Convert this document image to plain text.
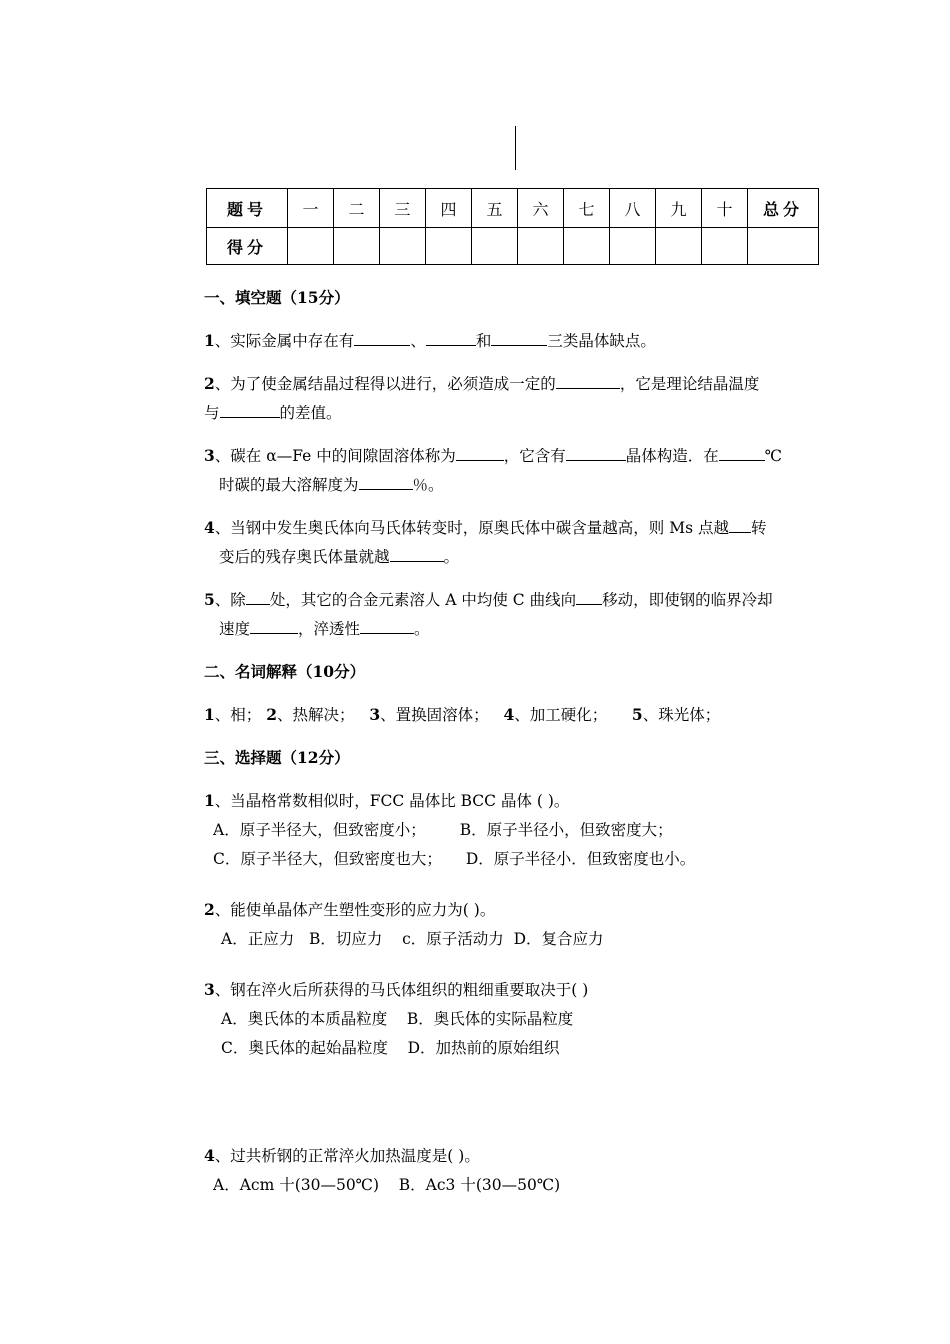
题号	一	二	三	四	五	六	七	八	九	十	总分
得分											
一、填空题（15分）
1、实际金属中存在有	、	和	三类晶体缺点。
2、为了使金属结晶过程得以进行，必须造成一定的	，它是理论结晶温度
与	的差值。
3、碳在 α—Fe 中的间隙固溶体称为	，它含有	晶体构造．在	℃
时碳的最大溶解度为	％。
4、当钢中发生奥氏体向马氏体转变时，原奥氏体中碳含量越高，则 Ms 点越 转
变后的残存奥氏体量就越	。
5、除 处，其它的合金元素溶人 A 中均使 C 曲线向 移动，即使钢的临界冷却
速度	，淬透性	。
二、名词解释（10分）
1、相； 2、热解决； 3、置换固溶体； 4、加工硬化； 5、珠光体；
三、选择题（12分）
1、当晶格常数相似时，FCC 晶体比 BCC 晶体 ( )。
A．原子半径大，但致密度小； B．原子半径小，但致密度大；
C．原子半径大，但致密度也大； D．原子半径小．但致密度也小。
2、能使单晶体产生塑性变形的应力为( )。
A．正应力   B．切应力    c．原子活动力  D．复合应力
3、钢在淬火后所获得的马氏体组织的粗细重要取决于( )
A．奥氏体的本质晶粒度    B．奥氏体的实际晶粒度
C．奥氏体的起始晶粒度    D．加热前的原始组织
4、过共析钢的正常淬火加热温度是( )。
A．Acm 十(30—50℃)    B．Ac3 十(30—50℃)
